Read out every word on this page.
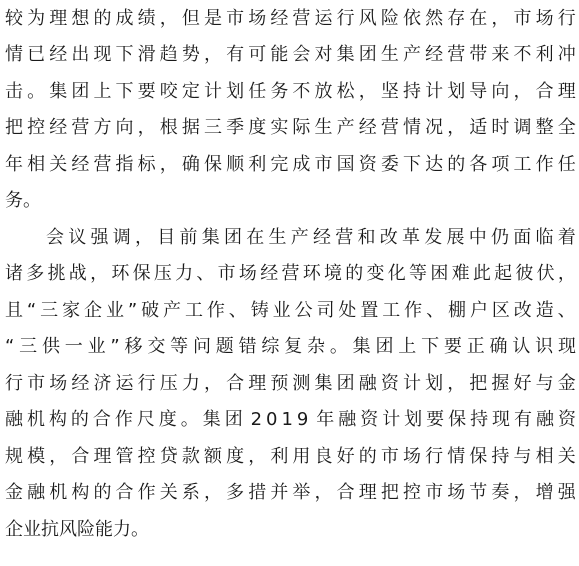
较 为 理 想 的 成 绩 ， 但 是 市 场 经 营 运 行 风 险 依 然 存 在 ， 市 场 行
情 已 经 出 现 下 滑 趋 势 ， 有 可 能 会 对 集 团 生 产 经 营 带 来 不 利 冲
击 。 集 团 上 下 要 咬 定 计 划 任 务 不 放 松 ， 坚 持 计 划 导 向 ， 合 理
把 控 经 营 方 向 ， 根 据 三 季 度 实 际 生 产 经 营 情 况 ， 适 时 调 整 全
年 相 关 经 营 指 标 ， 确 保 顺 利 完 成 市 国 资 委 下 达 的 各 项 工 作 任
务。
会 议 强 调 ， 目 前 集 团 在 生 产 经 营 和 改 革 发 展 中 仍 面 临 着
诸 多 挑 战 ， 环 保 压 力 、 市 场 经 营 环 境 的 变 化 等 困 难 此 起 彼 伏 ，
且 “ 三 家 企 业 ” 破 产 工 作 、 铸 业 公 司 处 置 工 作 、 棚 户 区 改 造 、
“ 三 供 一 业 ” 移 交 等 问 题 错 综 复 杂 。 集 团 上 下 要 正 确 认 识 现
行 市 场 经 济 运 行 压 力 ， 合 理 预 测 集 团 融 资 计 划 ， 把 握 好 与 金
融 机 构 的 合 作 尺 度 。 集 团 2 0 1 9 年 融 资 计 划 要 保 持 现 有 融 资
规 模 ， 合 理 管 控 贷 款 额 度 ， 利 用 良 好 的 市 场 行 情 保 持 与 相 关
金 融 机 构 的 合 作 关 系 ， 多 措 并 举 ， 合 理 把 控 市 场 节 奏 ， 增 强
企业抗风险能力。
